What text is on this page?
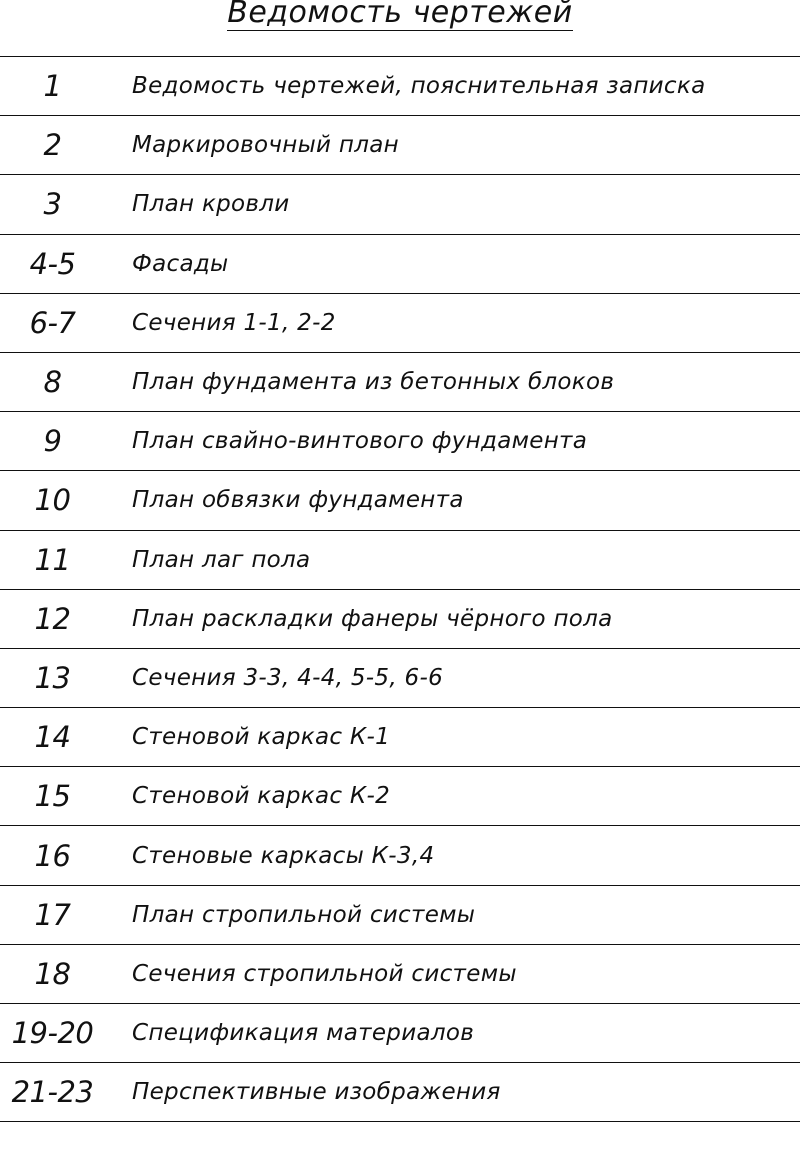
Ведомость чертежей
1	Ведомость чертежей, пояснительная записка
2	Маркировочный план
3	План кровли
4-5	Фасады
6-7	Сечения 1-1, 2-2
8	План фундамента из бетонных блоков
9	План свайно-винтового фундамента
10	План обвязки фундамента
11	План лаг пола
12	План раскладки фанеры чёрного пола
13	Сечения 3-3, 4-4, 5-5, 6-6
14	Стеновой каркас К-1
15	Стеновой каркас К-2
16	Стеновые каркасы К-3,4
17	План стропильной системы
18	Сечения стропильной системы
19-20	Спецификация материалов
21-23	Перспективные изображения
